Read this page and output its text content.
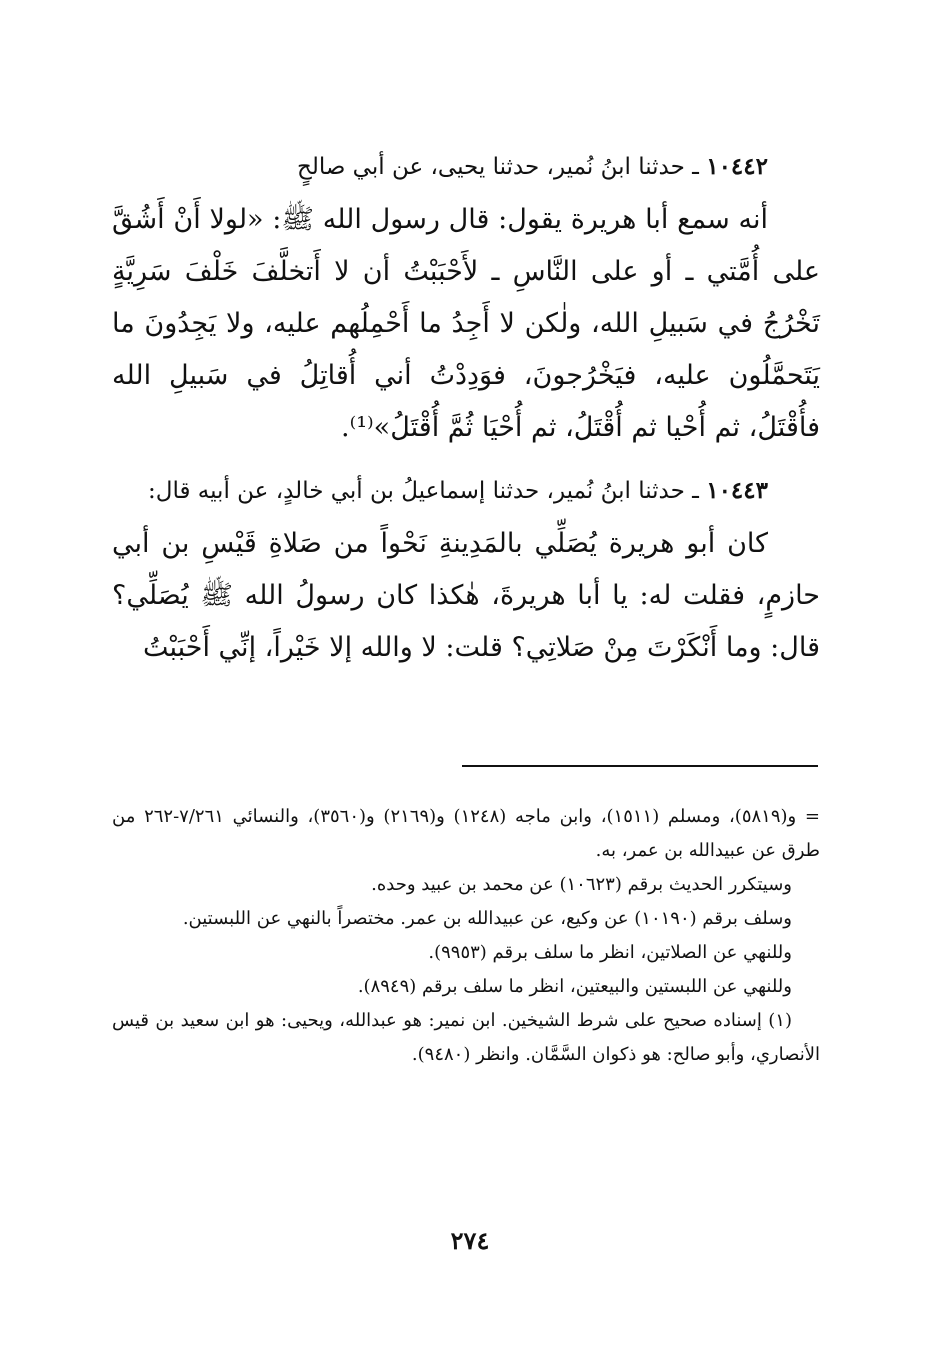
١٠٤٤٢ ـ حدثنا ابنُ نُمير، حدثنا يحيى، عن أبي صالحٍ

أنه سمع أبا هريرة يقول: قال رسول الله ﷺ: «لولا أَنْ أَشُقَّ على أُمَّتي ـ أو على النَّاسِ ـ لأَحْبَبْتُ أن لا أَتخلَّفَ خَلْفَ سَرِيَّةٍ تَخْرُجُ في سَبيلِ الله، ولٰكن لا أَجِدُ ما أَحْمِلُهم عليه، ولا يَجِدُونَ ما يَتَحمَّلُون عليه، فيَخْرُجونَ، فوَدِدْتُ أني أُقاتِلُ في سَبيلِ الله فأُقْتَلُ، ثم أُحْيا ثم أُقْتَلُ، ثم أُحْيَا ثُمَّ أُقْتَلُ»⁽¹⁾.

١٠٤٤٣ ـ حدثنا ابنُ نُمير، حدثنا إسماعيلُ بن أبي خالدٍ، عن أبيه قال:

كان أبو هريرة يُصَلِّي بالمَدِينةِ نَحْواً من صَلاةِ قَيْسِ بن أبي حازمٍ، فقلت له: يا أبا هريرةَ، هٰكذا كان رسولُ الله ﷺ يُصَلِّي؟ قال: وما أَنْكَرْتَ مِنْ صَلاتِي؟ قلت: لا والله إلا خَيْراً، إنِّي أَحْبَبْتُ

= و(٥٨١٩)، ومسلم (١٥١١)، وابن ماجه (١٢٤٨) و(٢١٦٩) و(٣٥٦٠)، والنسائي ٧/٢٦١-٢٦٢ من طرق عن عبيدالله بن عمر، به.

وسيتكرر الحديث برقم (١٠٦٢٣) عن محمد بن عبيد وحده.

وسلف برقم (١٠١٩٠) عن وكيع، عن عبيدالله بن عمر. مختصراً بالنهي عن اللبستين.

وللنهي عن الصلاتين، انظر ما سلف برقم (٩٩٥٣).

وللنهي عن اللبستين والبيعتين، انظر ما سلف برقم (٨٩٤٩).

(١) إسناده صحيح على شرط الشيخين. ابن نمير: هو عبدالله، ويحيى: هو ابن سعيد بن قيس الأنصاري، وأبو صالح: هو ذكوان السَّمَّان. وانظر (٩٤٨٠).

٢٧٤
